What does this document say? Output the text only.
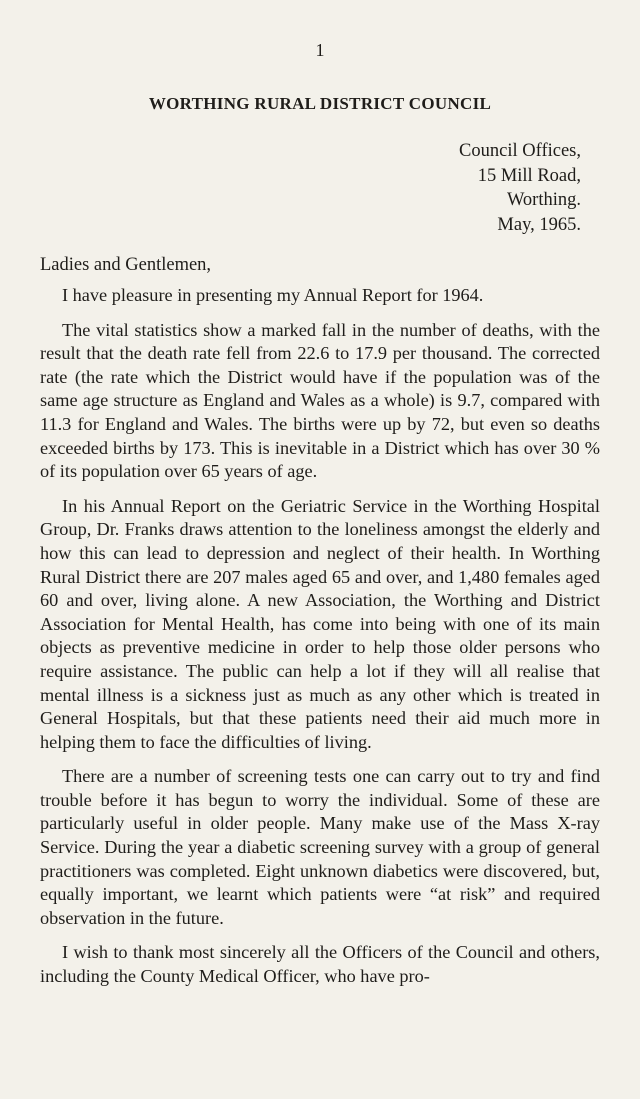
1
WORTHING RURAL DISTRICT COUNCIL
Council Offices,
15 Mill Road,
Worthing.
May, 1965.
Ladies and Gentlemen,

I have pleasure in presenting my Annual Report for 1964.

The vital statistics show a marked fall in the number of deaths, with the result that the death rate fell from 22.6 to 17.9 per thousand. The corrected rate (the rate which the District would have if the population was of the same age structure as England and Wales as a whole) is 9.7, compared with 11.3 for England and Wales. The births were up by 72, but even so deaths exceeded births by 173. This is inevitable in a District which has over 30 % of its population over 65 years of age.

In his Annual Report on the Geriatric Service in the Worthing Hospital Group, Dr. Franks draws attention to the loneliness amongst the elderly and how this can lead to depression and neglect of their health. In Worthing Rural District there are 207 males aged 65 and over, and 1,480 females aged 60 and over, living alone. A new Association, the Worthing and District Association for Mental Health, has come into being with one of its main objects as preventive medicine in order to help those older persons who require assistance. The public can help a lot if they will all realise that mental illness is a sickness just as much as any other which is treated in General Hospitals, but that these patients need their aid much more in helping them to face the difficulties of living.

There are a number of screening tests one can carry out to try and find trouble before it has begun to worry the individual. Some of these are particularly useful in older people. Many make use of the Mass X-ray Service. During the year a diabetic screening survey with a group of general practitioners was completed. Eight unknown diabetics were discovered, but, equally important, we learnt which patients were “at risk” and required observation in the future.

I wish to thank most sincerely all the Officers of the Council and others, including the County Medical Officer, who have pro-
